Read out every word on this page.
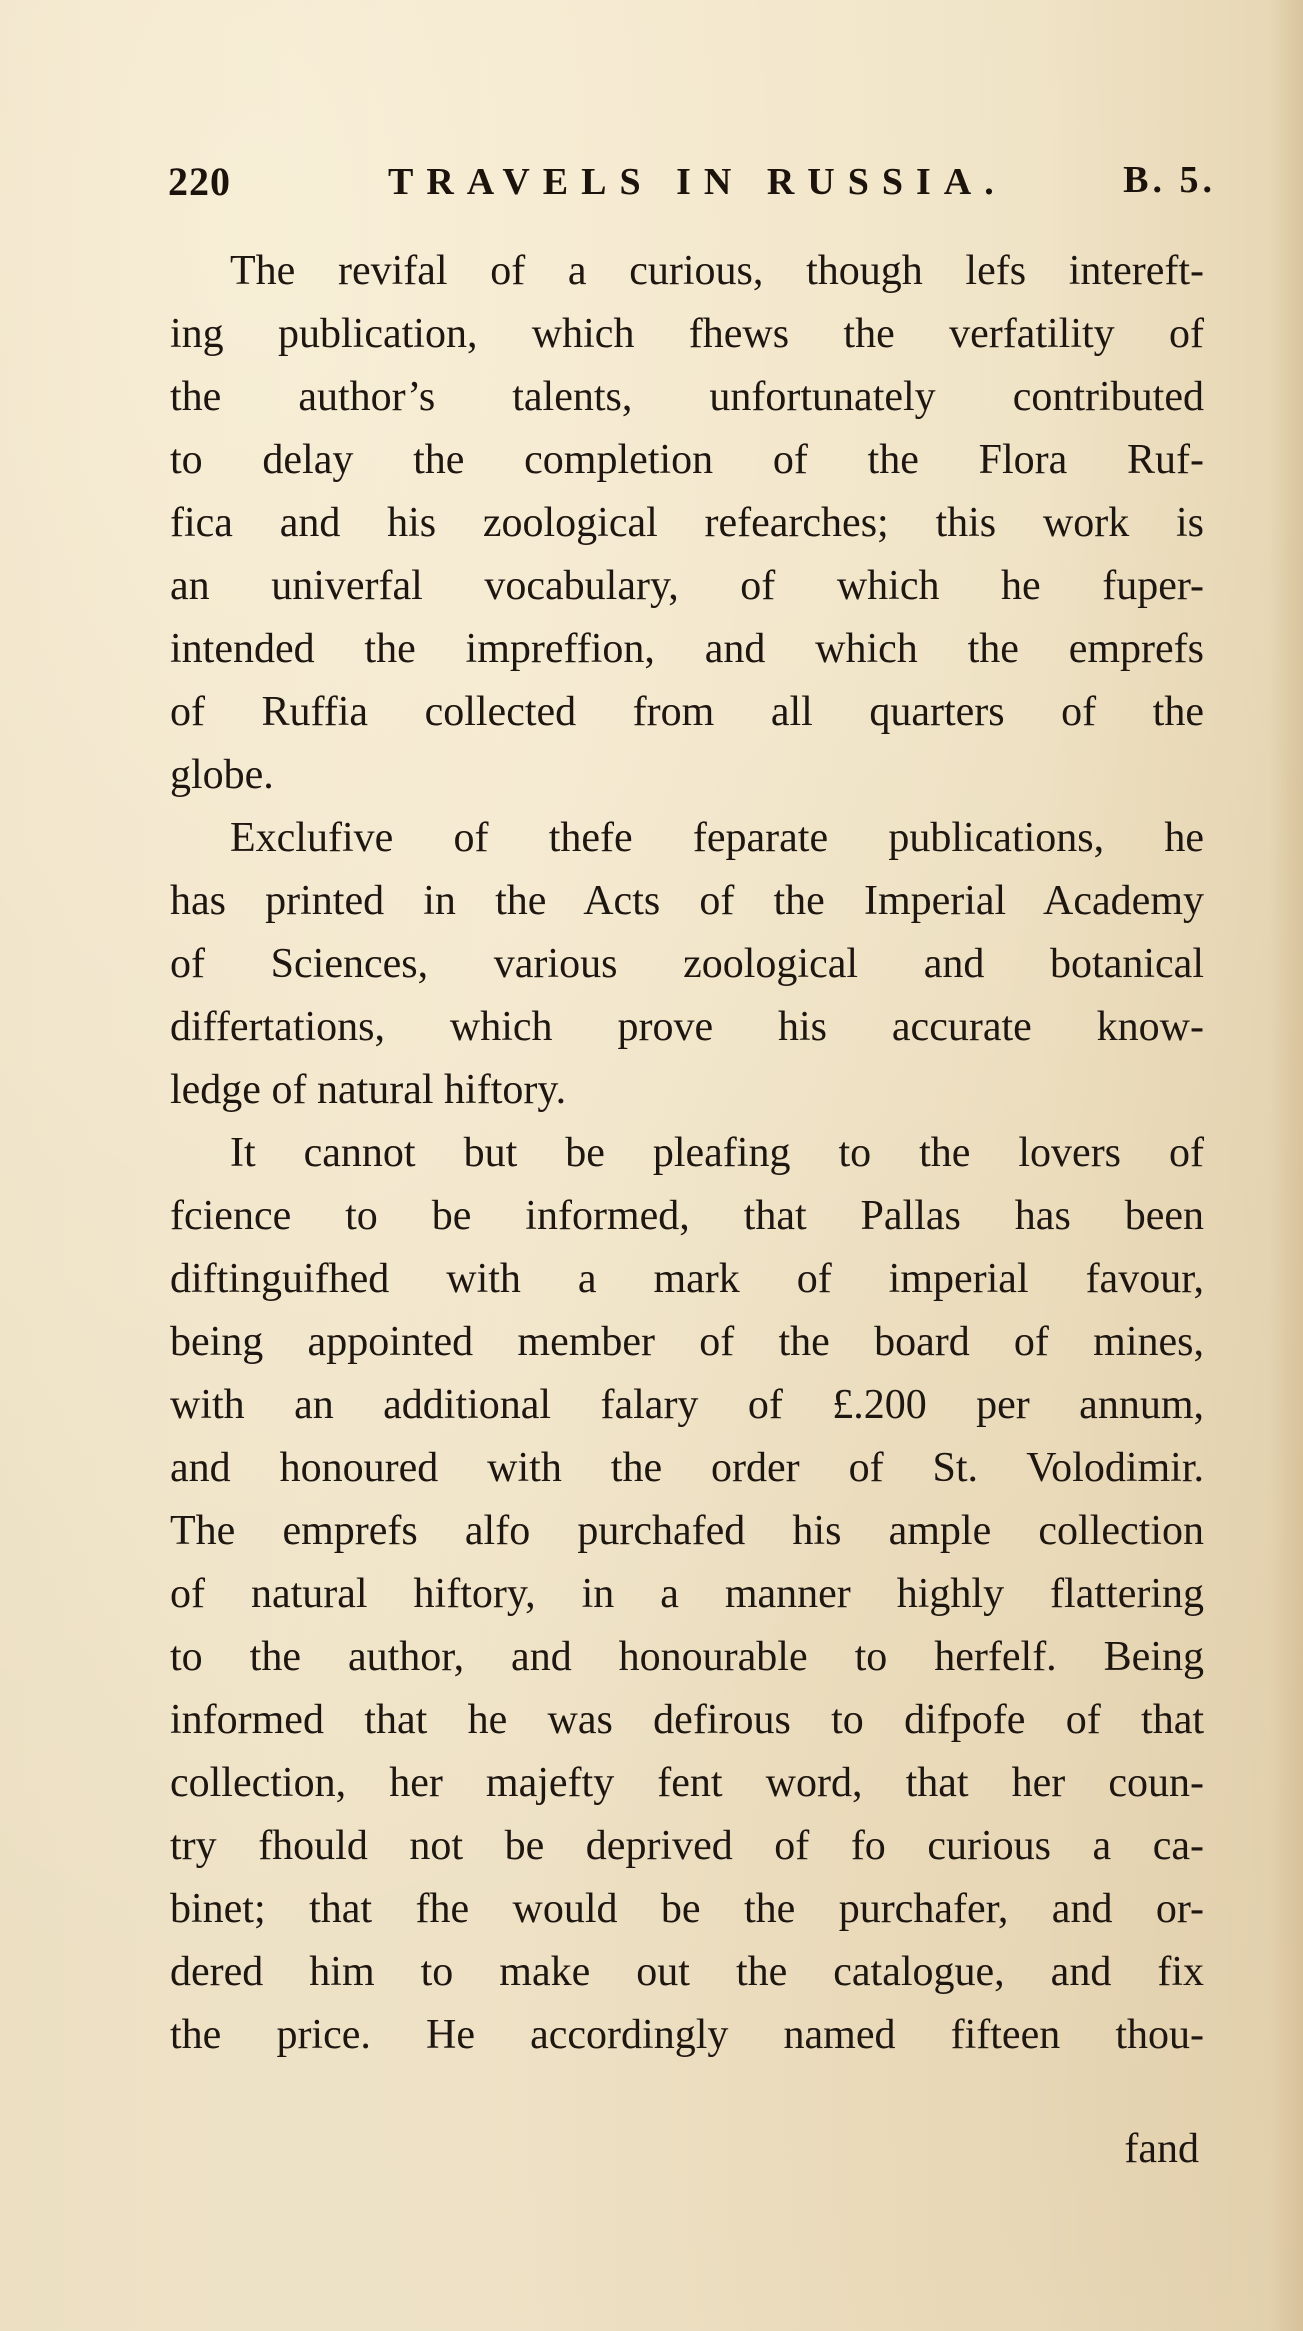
220	TRAVELS IN RUSSIA.	B. 5.
The revifal of a curious, though lefs intereft-
ing publication, which fhews the verfatility of
the author’s talents, unfortunately contributed
to delay the completion of the Flora Ruf-
fica and his zoological refearches; this work is
an univerfal vocabulary, of which he fuper-
intended the impreffion, and which the emprefs
of Ruffia collected from all quarters of the
globe.
Exclufive of thefe feparate publications, he
has printed in the Acts of the Imperial Academy
of Sciences, various zoological and botanical
differtations, which prove his accurate know-
ledge of natural hiftory.
It cannot but be pleafing to the lovers of
fcience to be informed, that Pallas has been
diftinguifhed with a mark of imperial favour,
being appointed member of the board of mines,
with an additional falary of £.200 per annum,
and honoured with the order of St. Volodimir.
The emprefs alfo purchafed his ample collection
of natural hiftory, in a manner highly flattering
to the author, and honourable to herfelf. Being
informed that he was defirous to difpofe of that
collection, her majefty fent word, that her coun-
try fhould not be deprived of fo curious a ca-
binet; that fhe would be the purchafer, and or-
dered him to make out the catalogue, and fix
the price. He accordingly named fifteen thou-
fand
